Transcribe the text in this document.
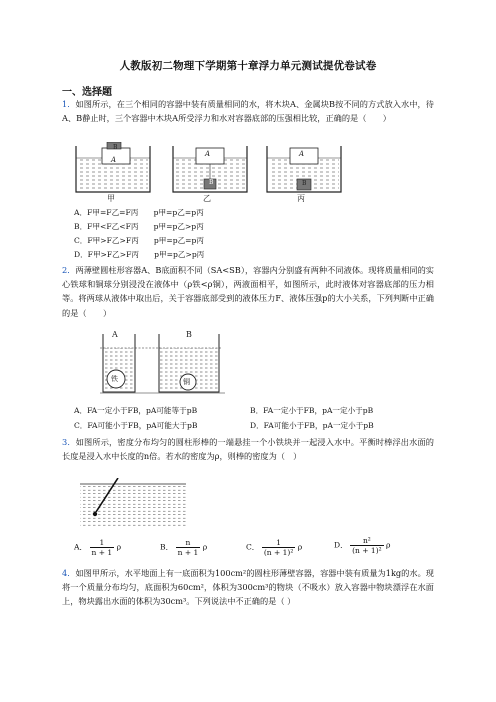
人教版初二物理下学期第十章浮力单元测试提优卷试卷
一、选择题
1．如图所示，在三个相同的容器中装有质量相同的水，将木块A、金属块B按不同的方式放入水中，待A、B静止时，三个容器中木块A所受浮力和水对容器底部的压强相比较，正确的是（　　）
B
A
A
B
A
B
甲	乙	丙
A．F甲=F乙=F丙　　p甲=p乙=p丙
B．F甲<F乙<F丙　　p甲=p乙>p丙
C．F甲>F乙>F丙　　p甲=p乙=p丙
D．F甲>F乙>F丙　　p甲=p乙>p丙
2．两薄壁圆柱形容器A、B底面积不同（SA<SB），容器内分别盛有两种不同液体。现将质量相同的实心铁球和铜球分别浸没在液体中（ρ铁<ρ铜），两液面相平，如图所示，此时液体对容器底部的压力相等。将两球从液体中取出后，关于容器底部受到的液体压力F、液体压强p的大小关系，下列判断中正确的是（　　）
A	B
铁	铜
A．FA一定小于FB，pA可能等于pB	B．FA一定小于FB，pA一定小于pB
C．FA可能小于FB，pA可能大于pB	D．FA可能小于FB，pA一定小于pB
3．如图所示，密度分布均匀的圆柱形棒的一端悬挂一个小铁块并一起浸入水中。平衡时棒浮出水面的长度是浸入水中长度的n倍。若水的密度为ρ，则棒的密度为（　）
A． $\frac{1}{n + 1}$ ρ	B． $\frac{n}{n + 1}$ ρ	C． $\frac{1}{\text{(n + 1)²}}$ ρ	D． $\frac{\text{n²}}{\text{(n + 1)²}}$ ρ
4．如图甲所示，水平地面上有一底面积为100cm²的圆柱形薄壁容器，容器中装有质量为1kg的水。现将一个质量分布均匀，底面积为60cm²，体积为300cm³的物块（不吸水）放入容器中物块漂浮在水面上，物块露出水面的体积为30cm³。下列说法中不正确的是（ ）
